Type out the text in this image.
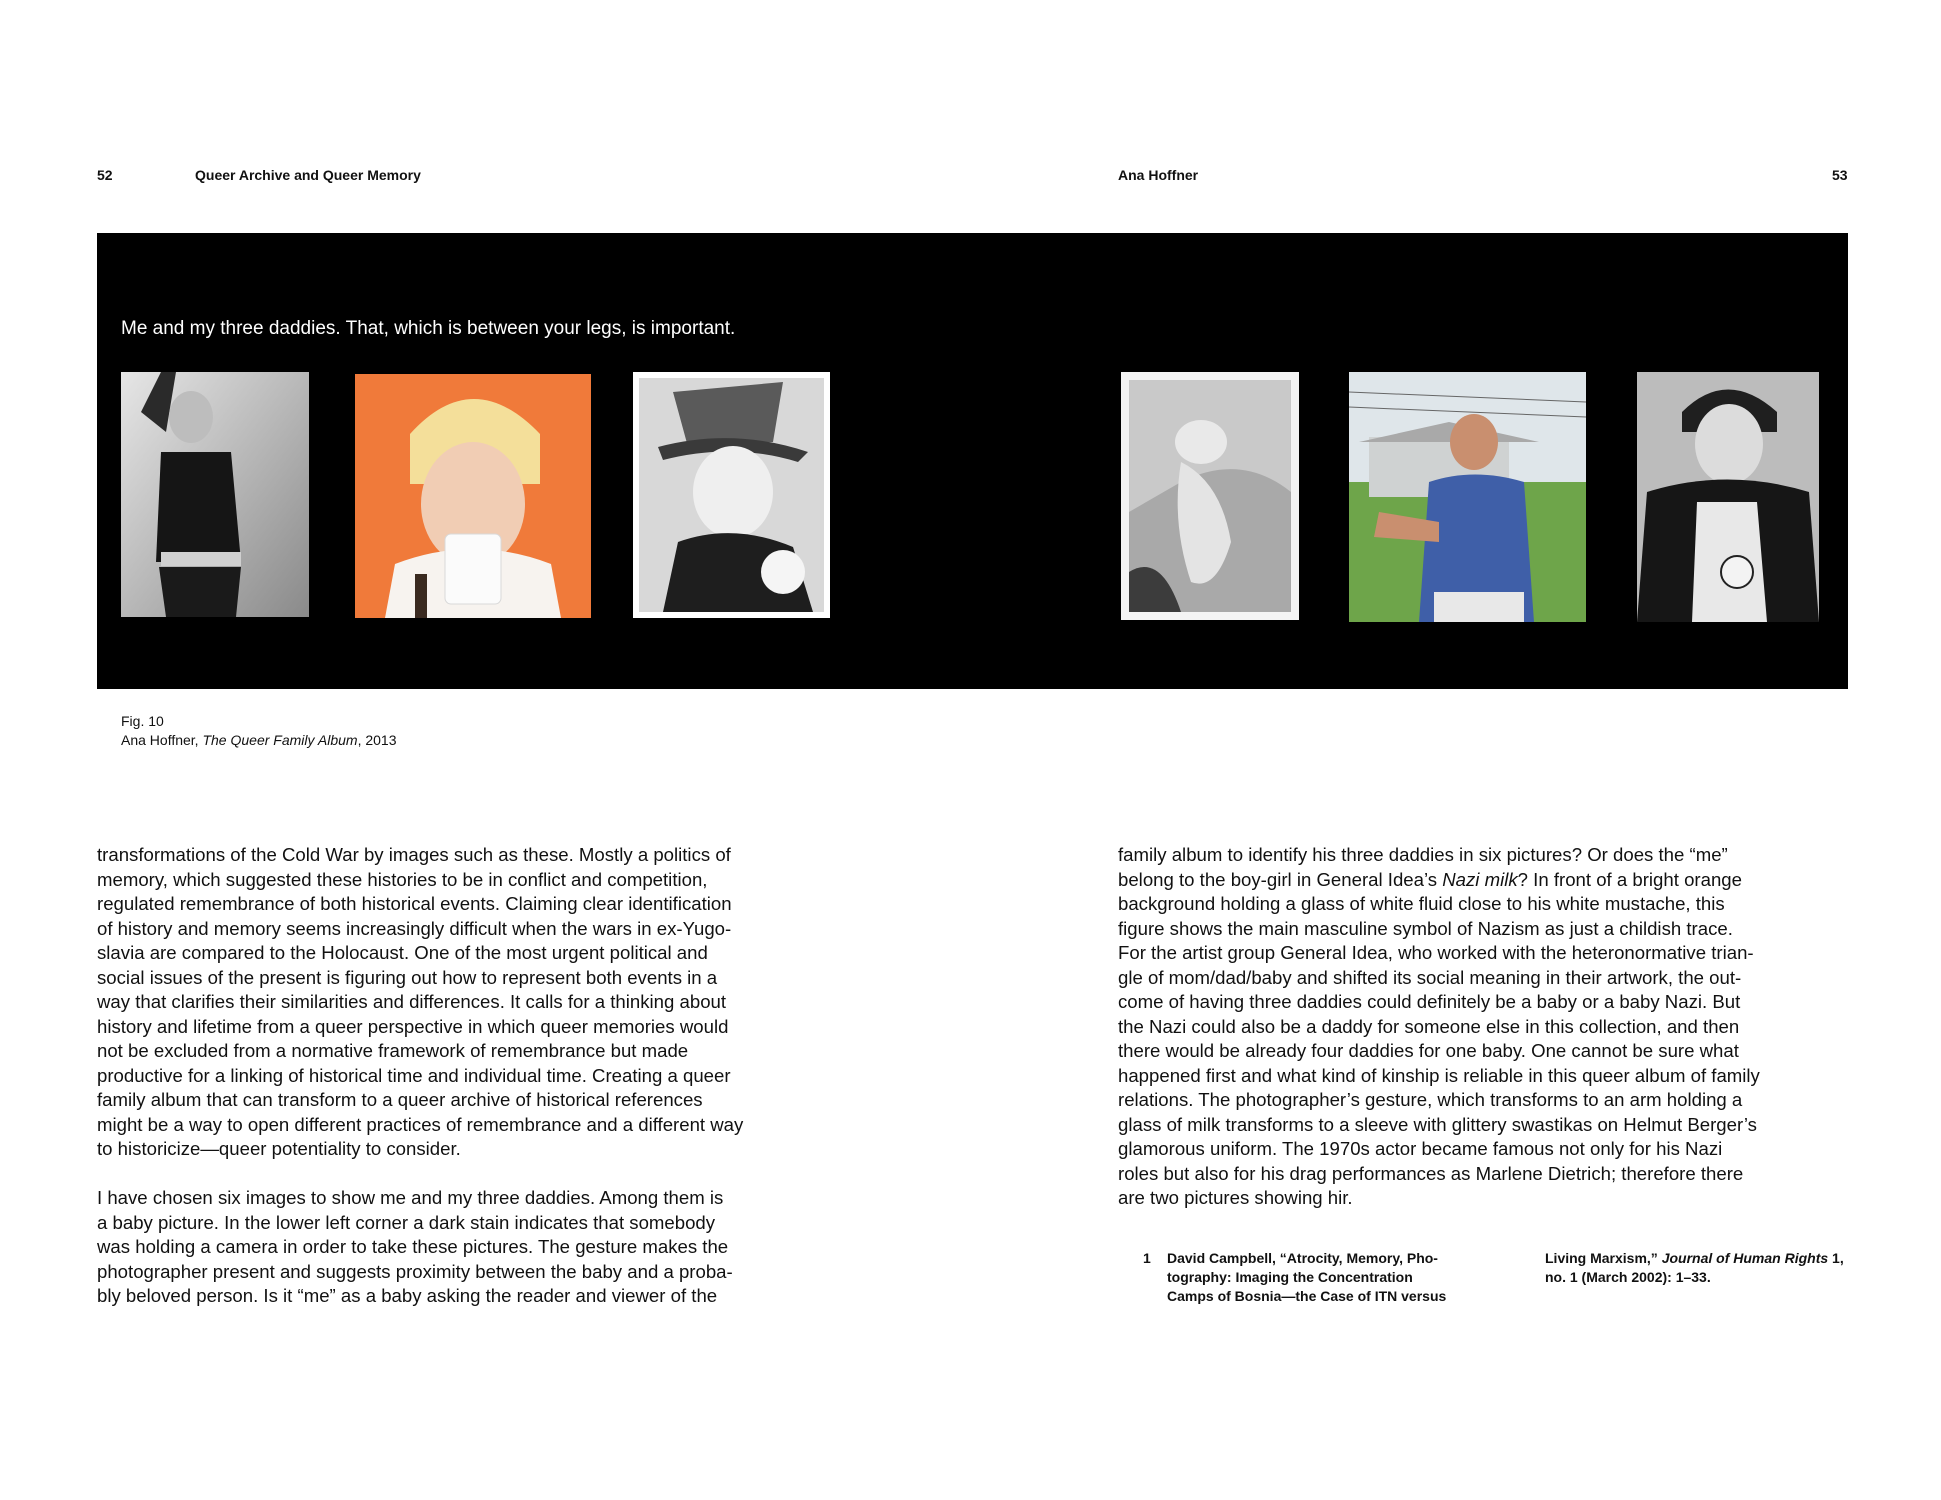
52	Queer Archive and Queer Memory	Ana Hoffner	53
Me and my three daddies. That, which is between your legs, is important.
Fig. 10
Ana Hoffner, The Queer Family Album, 2013

transformations of the Cold War by images such as these. Mostly a politics of
memory, which suggested these histories to be in conflict and competition,
regulated remembrance of both historical events. Claiming clear identification
of history and memory seems increasingly difficult when the wars in ex-Yugo-
slavia are compared to the Holocaust. One of the most urgent political and
social issues of the present is figuring out how to represent both events in a
way that clarifies their similarities and differences. It calls for a thinking about
history and lifetime from a queer perspective in which queer memories would
not be excluded from a normative framework of remembrance but made
productive for a linking of historical time and individual time. Creating a queer
family album that can transform to a queer archive of historical references
might be a way to open different practices of remembrance and a different way
to historicize—queer potentiality to consider.

I have chosen six images to show me and my three daddies. Among them is
a baby picture. In the lower left corner a dark stain indicates that somebody
was holding a camera in order to take these pictures. The gesture makes the
photographer present and suggests proximity between the baby and a proba-
bly beloved person. Is it “me” as a baby asking the reader and viewer of the

family album to identify his three daddies in six pictures? Or does the “me”
belong to the boy-girl in General Idea’s Nazi milk? In front of a bright orange
background holding a glass of white fluid close to his white mustache, this
figure shows the main masculine symbol of Nazism as just a childish trace.
For the artist group General Idea, who worked with the heteronormative trian-
gle of mom/dad/baby and shifted its social meaning in their artwork, the out-
come of having three daddies could definitely be a baby or a baby Nazi. But
the Nazi could also be a daddy for someone else in this collection, and then
there would be already four daddies for one baby. One cannot be sure what
happened first and what kind of kinship is reliable in this queer album of family
relations. The photographer’s gesture, which transforms to an arm holding a
glass of milk transforms to a sleeve with glittery swastikas on Helmut Berger’s
glamorous uniform. The 1970s actor became famous not only for his Nazi
roles but also for his drag performances as Marlene Dietrich; therefore there
are two pictures showing hir.

1 David Campbell, “Atrocity, Memory, Pho-
tography: Imaging the Concentration
Camps of Bosnia—the Case of ITN versus
Living Marxism,” Journal of Human Rights 1,
no. 1 (March 2002): 1–33.
